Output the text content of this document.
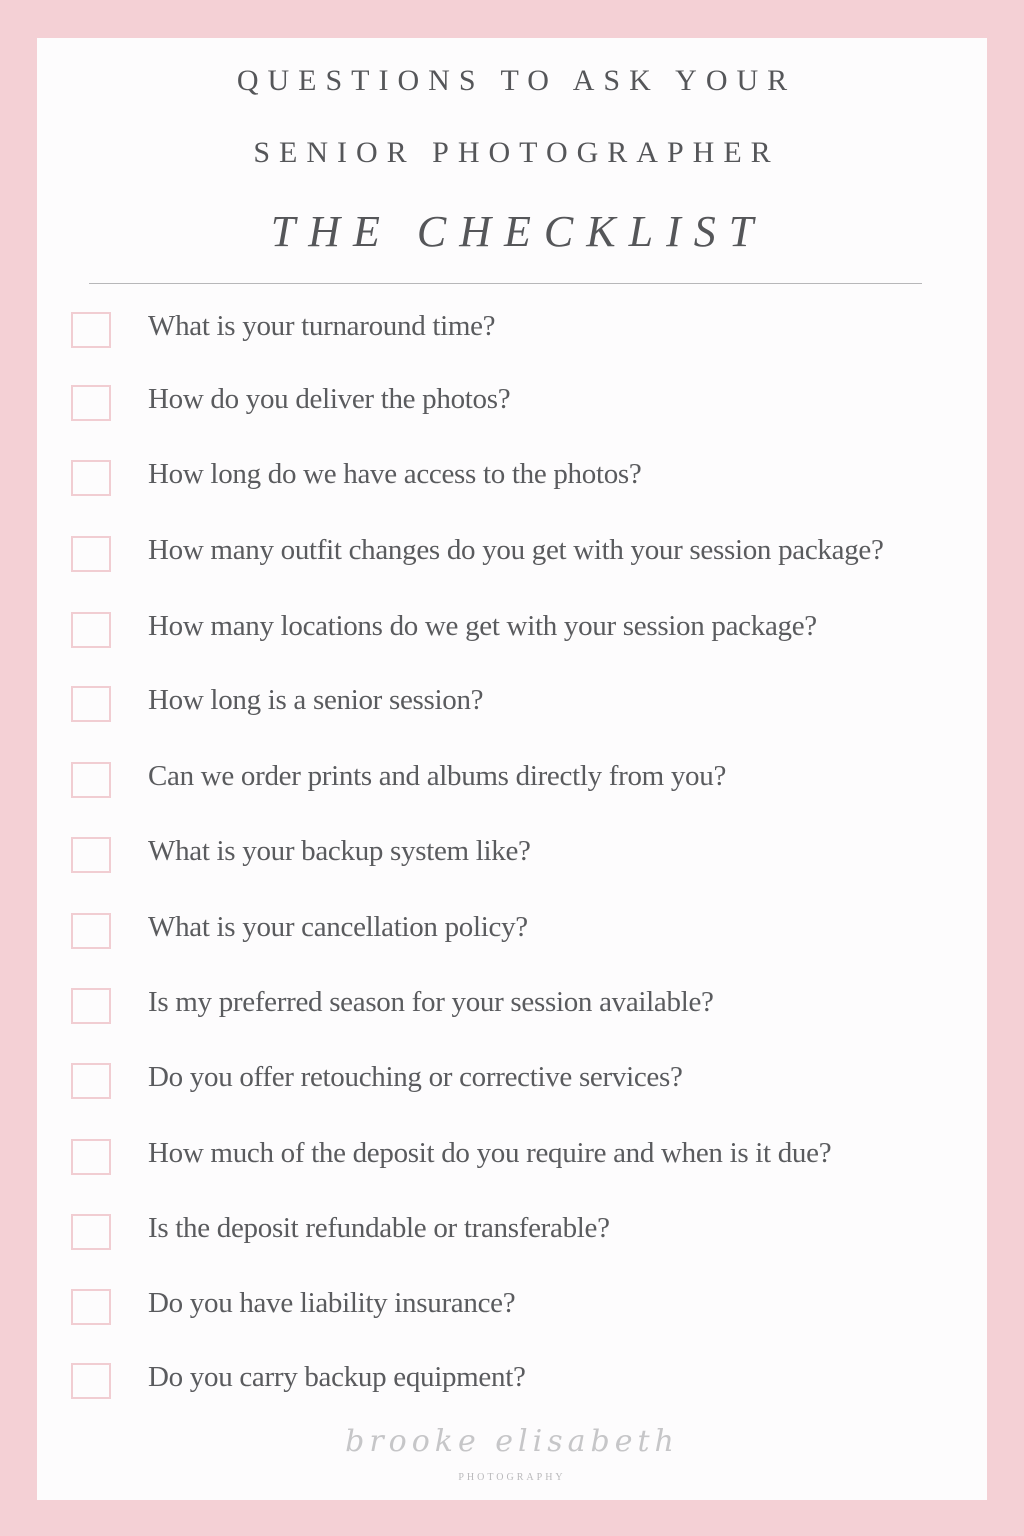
QUESTIONS TO ASK YOUR
SENIOR PHOTOGRAPHER
THE CHECKLIST
What is your turnaround time?
How do you deliver the photos?
How long do we have access to the photos?
How many outfit changes do you get with your session package?
How many locations do we get with your session package?
How long is a senior session?
Can we order prints and albums directly from you?
What is your backup system like?
What is your cancellation policy?
Is my preferred season for your session available?
Do you offer retouching or corrective services?
How much of the deposit do you require and when is it due?
Is the deposit refundable or transferable?
Do you have liability insurance?
Do you carry backup equipment?
brooke elisabeth
PHOTOGRAPHY
